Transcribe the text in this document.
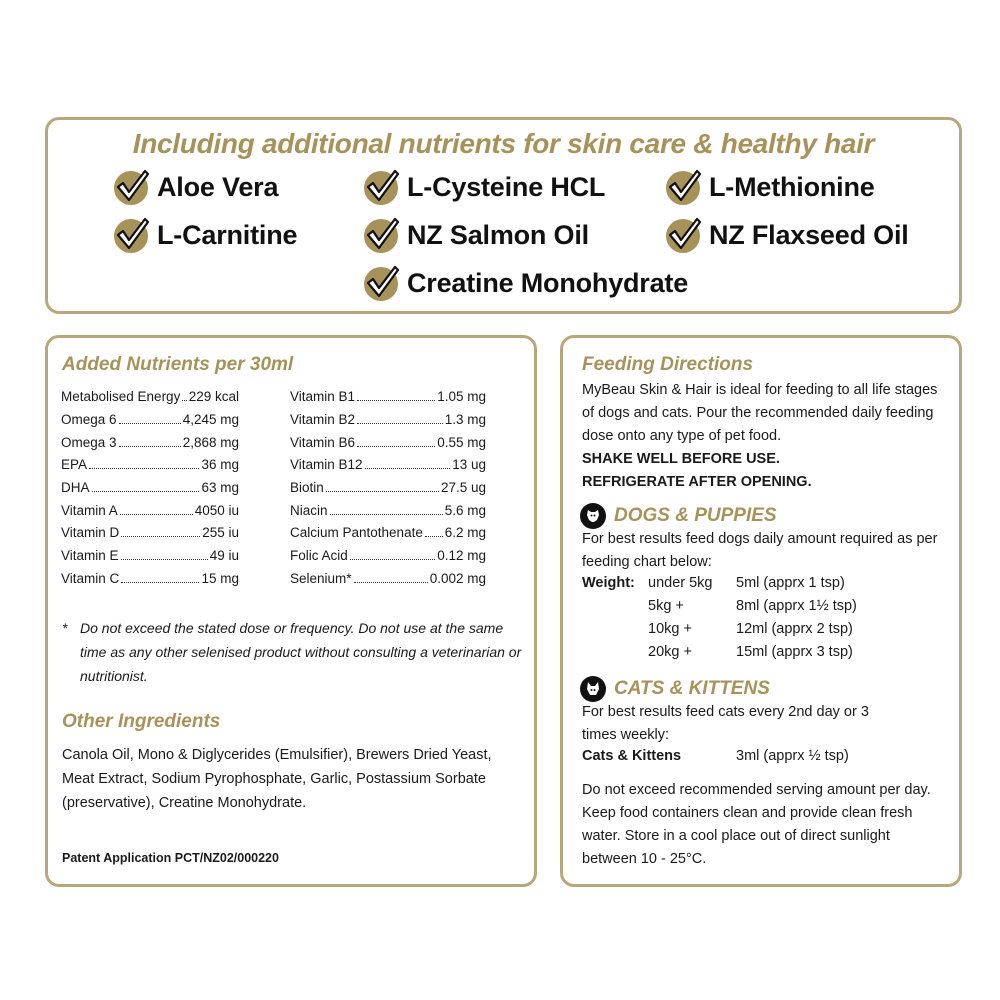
Including additional nutrients for skin care & healthy hair
Aloe Vera	L-Cysteine HCL	L-Methionine
L-Carnitine	NZ Salmon Oil	NZ Flaxseed Oil
Creatine Monohydrate
Added Nutrients per 30ml
Metabolised Energy 229 kcal

Omega 6	4,245 mg

Omega 3	2,868 mg

EPA	36 mg

DHA	63 mg

Vitamin A	4050 iu

Vitamin D	255 iu

Vitamin E	49 iu

Vitamin C	15 mg
Vitamin B1	1.05 mg

Vitamin B2	1.3 mg

Vitamin B6	0.55 mg

Vitamin B12	13 ug

Biotin	27.5 ug

Niacin	5.6 mg

Calcium Pantothenate 6.2 mg

Folic Acid	0.12 mg

Selenium*	0.002 mg
* Do not exceed the stated dose or frequency. Do not use at the same time as any other selenised product without consulting a veterinarian or nutritionist.
Other Ingredients
Canola Oil, Mono & Diglycerides (Emulsifier), Brewers Dried Yeast, Meat Extract, Sodium Pyrophosphate, Garlic, Postassium Sorbate (preservative), Creatine Monohydrate.
Patent Application PCT/NZ02/000220
Feeding Directions
MyBeau Skin & Hair is ideal for feeding to all life stages of dogs and cats. Pour the recommended daily feeding dose onto any type of pet food.
SHAKE WELL BEFORE USE.
REFRIGERATE AFTER OPENING.
DOGS & PUPPIES
For best results feed dogs daily amount required as per feeding chart below:
Weight: under 5kg	5ml (apprx 1 tsp)
5kg +	8ml (apprx 1½ tsp)
10kg +	12ml (apprx 2 tsp)
20kg +	15ml (apprx 3 tsp)
CATS & KITTENS
For best results feed cats every 2nd day or 3 times weekly:
Cats & Kittens	3ml (apprx ½ tsp)
Do not exceed recommended serving amount per day. Keep food containers clean and provide clean fresh water. Store in a cool place out of direct sunlight between 10 - 25°C.
